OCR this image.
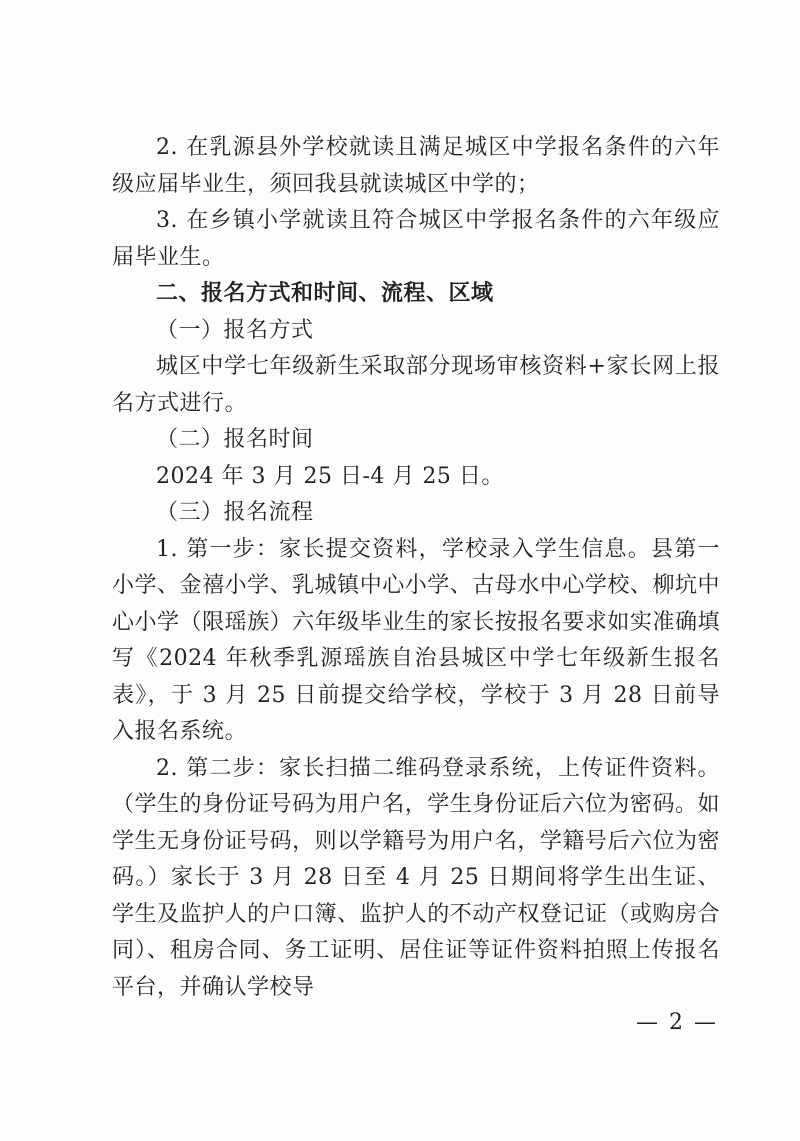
2. 在乳源县外学校就读且满足城区中学报名条件的六年级应届毕业生，须回我县就读城区中学的；

3. 在乡镇小学就读且符合城区中学报名条件的六年级应届毕业生。

二、报名方式和时间、流程、区域

（一）报名方式

城区中学七年级新生采取部分现场审核资料+家长网上报名方式进行。

（二）报名时间

2024 年 3 月 25 日-4 月 25 日。

（三）报名流程

1. 第一步：家长提交资料，学校录入学生信息。县第一小学、金禧小学、乳城镇中心小学、古母水中心学校、柳坑中心小学（限瑶族）六年级毕业生的家长按报名要求如实准确填写《2024 年秋季乳源瑶族自治县城区中学七年级新生报名表》，于 3 月 25 日前提交给学校，学校于 3 月 28 日前导入报名系统。

2. 第二步：家长扫描二维码登录系统，上传证件资料。（学生的身份证号码为用户名，学生身份证后六位为密码。如学生无身份证号码，则以学籍号为用户名，学籍号后六位为密码。）家长于 3 月 28 日至 4 月 25 日期间将学生出生证、学生及监护人的户口簿、监护人的不动产权登记证（或购房合同）、租房合同、务工证明、居住证等证件资料拍照上传报名平台，并确认学校导

— 2 —
